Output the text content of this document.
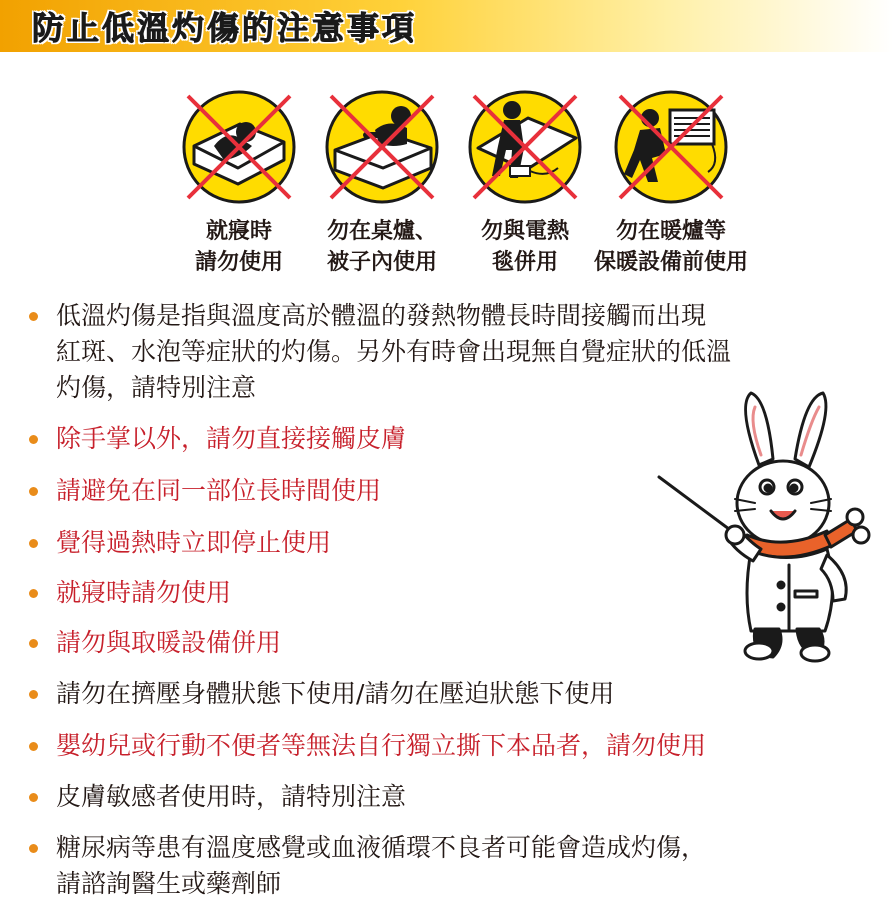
防止低溫灼傷的注意事項
就寢時
請勿使用
勿在桌爐、
被子內使用
勿與電熱
毯併用
勿在暖爐等
保暖設備前使用
低溫灼傷是指與溫度高於體溫的發熱物體長時間接觸而出現
紅斑、水泡等症狀的灼傷。另外有時會出現無自覺症狀的低溫
灼傷，請特別注意
除手掌以外，請勿直接接觸皮膚
請避免在同一部位長時間使用
覺得過熱時立即停止使用
就寢時請勿使用
請勿與取暖設備併用
請勿在擠壓身體狀態下使用/請勿在壓迫狀態下使用
嬰幼兒或行動不便者等無法自行獨立撕下本品者，請勿使用
皮膚敏感者使用時，請特別注意
糖尿病等患有溫度感覺或血液循環不良者可能會造成灼傷，
請諮詢醫生或藥劑師
